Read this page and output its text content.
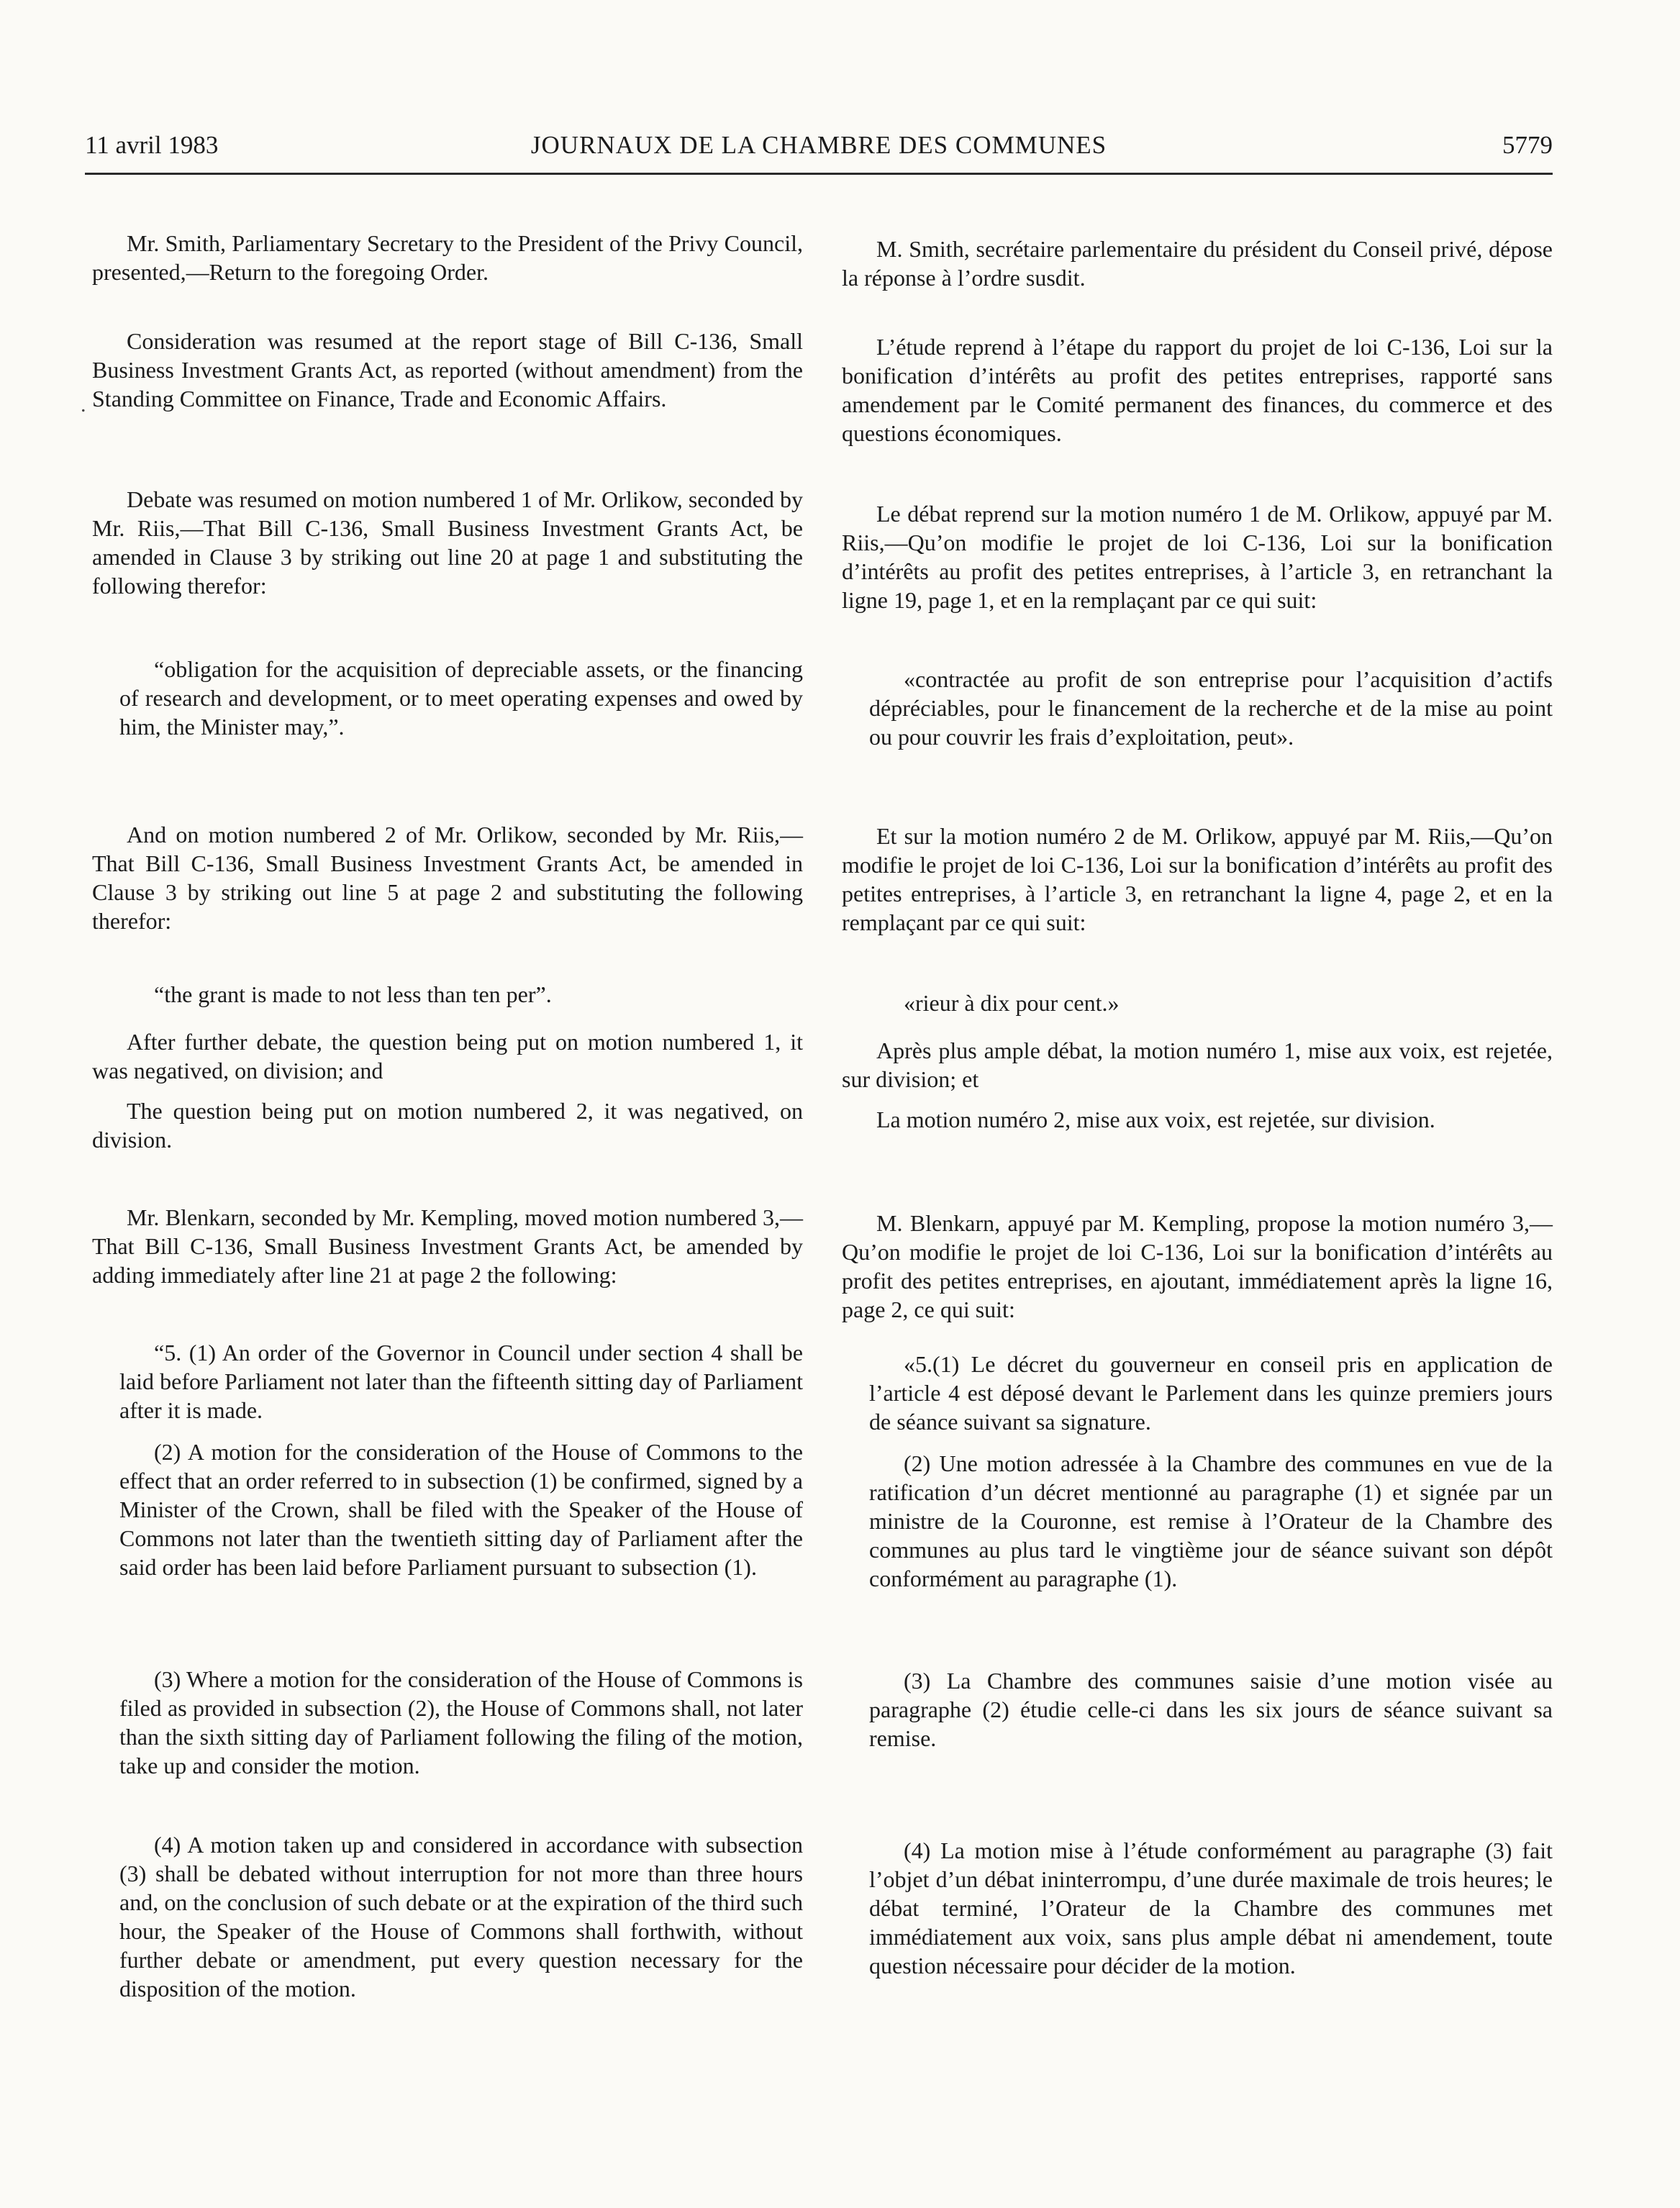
11 avril 1983	JOURNAUX DE LA CHAMBRE DES COMMUNES	5779
.

Mr. Smith, Parliamentary Secretary to the President of the Privy Council, presented,—Return to the foregoing Order.

Consideration was resumed at the report stage of Bill C-136, Small Business Investment Grants Act, as reported (without amendment) from the Standing Committee on Finance, Trade and Economic Affairs.

Debate was resumed on motion numbered 1 of Mr. Orlikow, seconded by Mr. Riis,—That Bill C-136, Small Business Investment Grants Act, be amended in Clause 3 by striking out line 20 at page 1 and substituting the following therefor:

“obligation for the acquisition of depreciable assets, or the financing of research and development, or to meet operating expenses and owed by him, the Minister may,”.

And on motion numbered 2 of Mr. Orlikow, seconded by Mr. Riis,—That Bill C-136, Small Business Investment Grants Act, be amended in Clause 3 by striking out line 5 at page 2 and substituting the following therefor:

“the grant is made to not less than ten per”.

After further debate, the question being put on motion numbered 1, it was negatived, on division; and

The question being put on motion numbered 2, it was negatived, on division.

Mr. Blenkarn, seconded by Mr. Kempling, moved motion numbered 3,—That Bill C-136, Small Business Investment Grants Act, be amended by adding immediately after line 21 at page 2 the following:

“5. (1) An order of the Governor in Council under section 4 shall be laid before Parliament not later than the fifteenth sitting day of Parliament after it is made.

(2) A motion for the consideration of the House of Commons to the effect that an order referred to in subsection (1) be confirmed, signed by a Minister of the Crown, shall be filed with the Speaker of the House of Commons not later than the twentieth sitting day of Parliament after the said order has been laid before Parliament pursuant to subsection (1).

(3) Where a motion for the consideration of the House of Commons is filed as provided in subsection (2), the House of Commons shall, not later than the sixth sitting day of Parliament following the filing of the motion, take up and consider the motion.

(4) A motion taken up and considered in accordance with subsection (3) shall be debated without interruption for not more than three hours and, on the conclusion of such debate or at the expiration of the third such hour, the Speaker of the House of Commons shall forthwith, without further debate or amendment, put every question necessary for the disposition of the motion.

M. Smith, secrétaire parlementaire du président du Conseil privé, dépose la réponse à l’ordre susdit.

L’étude reprend à l’étape du rapport du projet de loi C-136, Loi sur la bonification d’intérêts au profit des petites entreprises, rapporté sans amendement par le Comité permanent des finances, du commerce et des questions économiques.

Le débat reprend sur la motion numéro 1 de M. Orlikow, appuyé par M. Riis,—Qu’on modifie le projet de loi C-136, Loi sur la bonification d’intérêts au profit des petites entreprises, à l’article 3, en retranchant la ligne 19, page 1, et en la remplaçant par ce qui suit:

«contractée au profit de son entreprise pour l’acquisition d’actifs dépréciables, pour le financement de la recherche et de la mise au point ou pour couvrir les frais d’exploitation, peut».

Et sur la motion numéro 2 de M. Orlikow, appuyé par M. Riis,—Qu’on modifie le projet de loi C-136, Loi sur la bonification d’intérêts au profit des petites entreprises, à l’article 3, en retranchant la ligne 4, page 2, et en la remplaçant par ce qui suit:

«rieur à dix pour cent.»

Après plus ample débat, la motion numéro 1, mise aux voix, est rejetée, sur division; et

La motion numéro 2, mise aux voix, est rejetée, sur division.

M. Blenkarn, appuyé par M. Kempling, propose la motion numéro 3,—Qu’on modifie le projet de loi C-136, Loi sur la bonification d’intérêts au profit des petites entreprises, en ajoutant, immédiatement après la ligne 16, page 2, ce qui suit:

«5.(1) Le décret du gouverneur en conseil pris en application de l’article 4 est déposé devant le Parlement dans les quinze premiers jours de séance suivant sa signature.

(2) Une motion adressée à la Chambre des communes en vue de la ratification d’un décret mentionné au paragraphe (1) et signée par un ministre de la Couronne, est remise à l’Orateur de la Chambre des communes au plus tard le vingtième jour de séance suivant son dépôt conformément au paragraphe (1).

(3) La Chambre des communes saisie d’une motion visée au paragraphe (2) étudie celle-ci dans les six jours de séance suivant sa remise.

(4) La motion mise à l’étude conformément au paragraphe (3) fait l’objet d’un débat ininterrompu, d’une durée maximale de trois heures; le débat terminé, l’Orateur de la Chambre des communes met immédiatement aux voix, sans plus ample débat ni amendement, toute question nécessaire pour décider de la motion.
